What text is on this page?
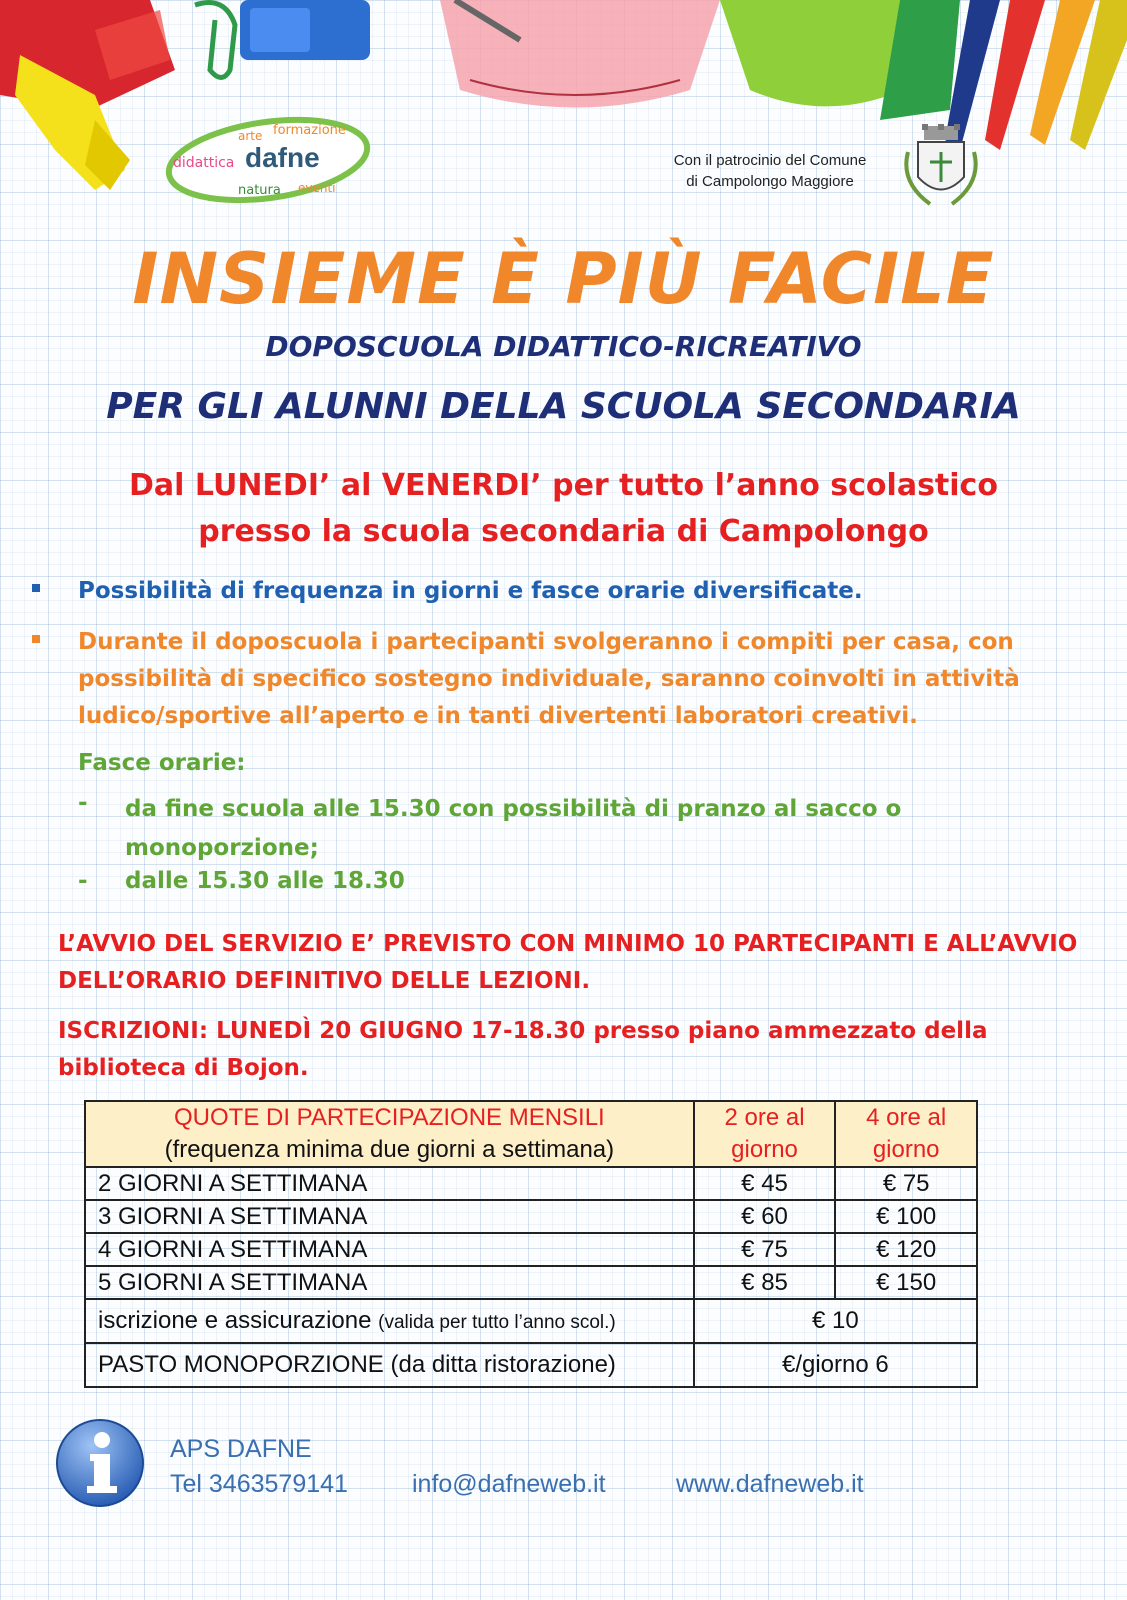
didattica
arte formazione
natura eventi
dafne	Con il patrocinio del Comune
di Campolongo Maggiore
INSIEME È PIÙ FACILE
DOPOSCUOLA DIDATTICO-RICREATIVO
PER GLI ALUNNI DELLA SCUOLA SECONDARIA
Dal LUNEDI’ al VENERDI’ per tutto l’anno scolastico
presso la scuola secondaria di Campolongo
Possibilità di frequenza in giorni e fasce orarie diversificate.
Durante il doposcuola i partecipanti svolgeranno i compiti per casa, con possibilità di specifico sostegno individuale, saranno coinvolti in attività ludico/sportive all’aperto e in tanti divertenti laboratori creativi.
Fasce orarie:
- da fine scuola alle 15.30 con possibilità di pranzo al sacco o monoporzione;
- dalle 15.30 alle 18.30
L’AVVIO DEL SERVIZIO E’ PREVISTO CON MINIMO 10 PARTECIPANTI E ALL’AVVIO DELL’ORARIO DEFINITIVO DELLE LEZIONI.
ISCRIZIONI: LUNEDÌ 20 GIUGNO 17-18.30 presso piano ammezzato della biblioteca di Bojon.
QUOTE DI PARTECIPAZIONE MENSILI
(frequenza minima due giorni a settimana)	2 ore al giorno	4 ore al giorno
2 GIORNI A SETTIMANA	€ 45	€ 75
3 GIORNI A SETTIMANA	€ 60	€ 100
4 GIORNI A SETTIMANA	€ 75	€ 120
5 GIORNI A SETTIMANA	€ 85	€ 150
iscrizione e assicurazione (valida per tutto l’anno scol.)	€ 10	
PASTO MONOPORZIONE (da ditta ristorazione)	€/giorno 6	
APS DAFNE
Tel 3463579141	info@dafneweb.it	www.dafneweb.it
